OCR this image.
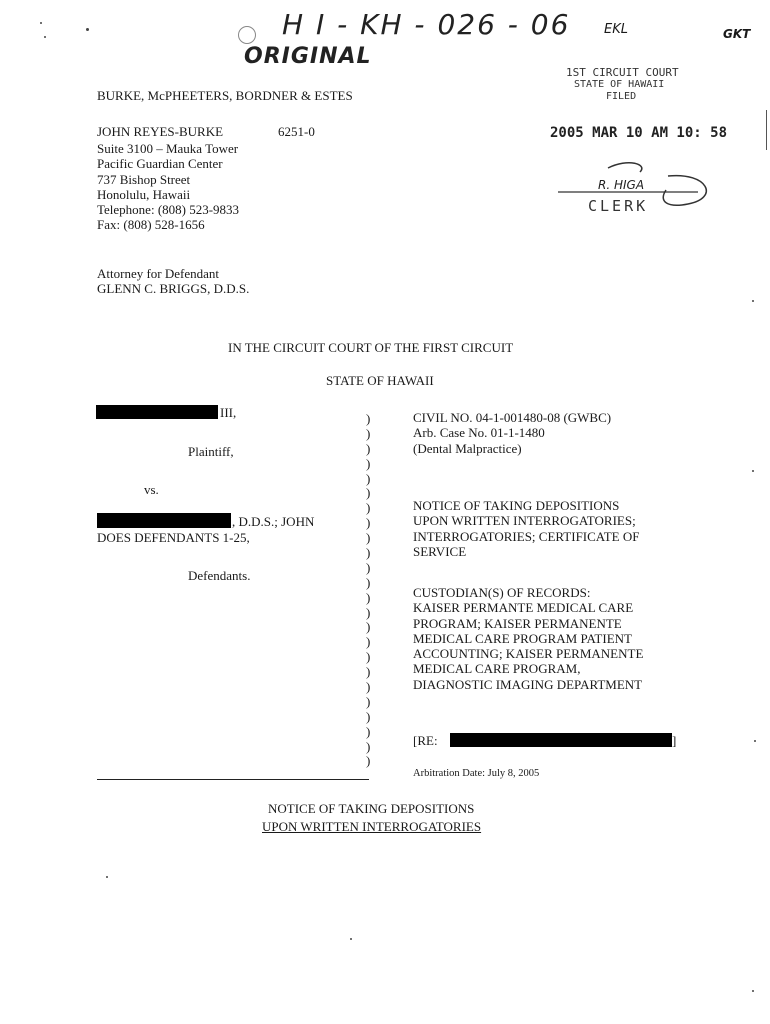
H I - KH - 026 - 06
ORIGINAL
EKL	GKT
BURKE, McPHEETERS, BORDNER & ESTES
JOHN REYES-BURKE	6251-0
Suite 3100 – Mauka Tower
Pacific Guardian Center
737 Bishop Street
Honolulu, Hawaii
Telephone: (808) 523-9833
Fax: (808) 528-1656
Attorney for Defendant
GLENN C. BRIGGS, D.D.S.
1ST CIRCUIT COURT
STATE OF HAWAII
FILED
2005 MAR 10 AM 10: 58
R. HIGA
CLERK
IN THE CIRCUIT COURT OF THE FIRST CIRCUIT
STATE OF HAWAII
III,
Plaintiff,
vs.
, D.D.S.; JOHN
DOES DEFENDANTS 1-25,
Defendants.
)
)
)
)
)
)
)
)
)
)
)
)
)
)
)
)
)
)
)
)
)
)
)
)
CIVIL NO. 04-1-001480-08 (GWBC)
Arb. Case No. 01-1-1480
(Dental Malpractice)
NOTICE OF TAKING DEPOSITIONS
UPON WRITTEN INTERROGATORIES;
INTERROGATORIES; CERTIFICATE OF
SERVICE
CUSTODIAN(S) OF RECORDS:
KAISER PERMANTE MEDICAL CARE
PROGRAM; KAISER PERMANENTE
MEDICAL CARE PROGRAM PATIENT
ACCOUNTING; KAISER PERMANENTE
MEDICAL CARE PROGRAM,
DIAGNOSTIC IMAGING DEPARTMENT
[RE:	]
Arbitration Date: July 8, 2005
NOTICE OF TAKING DEPOSITIONS
UPON WRITTEN INTERROGATORIES
